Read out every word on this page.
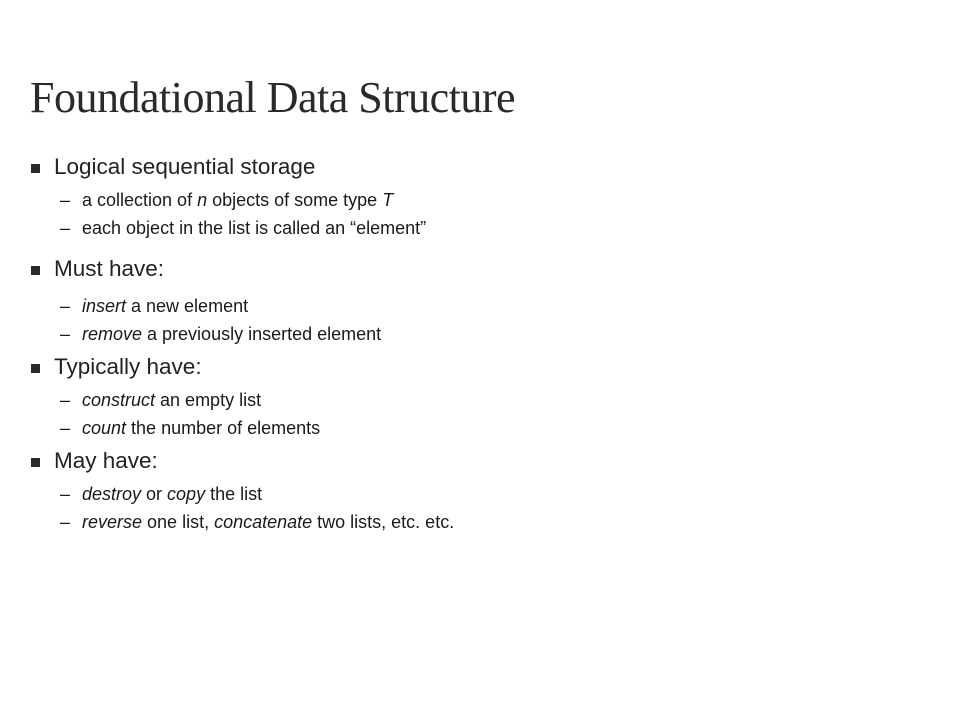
Foundational Data Structure
Logical sequential storage
– a collection of n objects of some type T
– each object in the list is called an “element”
Must have:
– insert a new element
– remove a previously inserted element
Typically have:
– construct an empty list
– count the number of elements
May have:
– destroy or copy the list
– reverse one list, concatenate two lists, etc. etc.
